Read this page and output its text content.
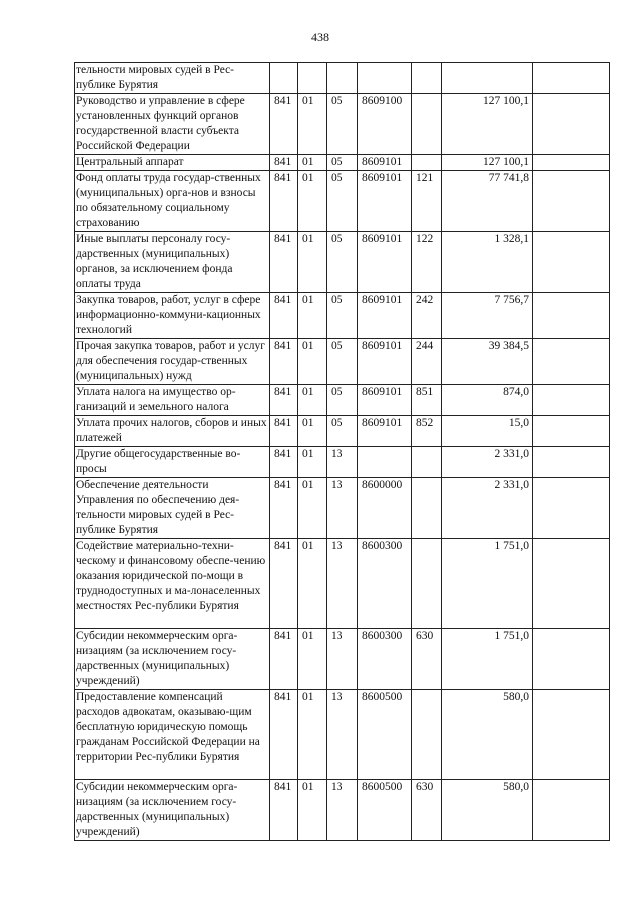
438
тельности мировых судей в Рес-публике Бурятия							
Руководство и управление в сфере установленных функций органов государственной власти субъекта Российской Федерации	841	01	05	8609100		127 100,1	
Центральный аппарат	841	01	05	8609101		127 100,1	
Фонд оплаты труда государ-ственных (муниципальных) орга-нов и взносы по обязательному социальному страхованию	841	01	05	8609101	121	77 741,8	
Иные выплаты персоналу госу-дарственных (муниципальных) органов, за исключением фонда оплаты труда	841	01	05	8609101	122	1 328,1	
Закупка товаров, работ, услуг в сфере информационно-коммуни-кационных технологий	841	01	05	8609101	242	7 756,7	
Прочая закупка товаров, работ и услуг для обеспечения государ-ственных (муниципальных) нужд	841	01	05	8609101	244	39 384,5	
Уплата налога на имущество ор-ганизаций и земельного налога	841	01	05	8609101	851	874,0	
Уплата прочих налогов, сборов и иных платежей	841	01	05	8609101	852	15,0	
Другие общегосударственные во-просы	841	01	13			2 331,0	
Обеспечение деятельности Управления по обеспечению дея-тельности мировых судей в Рес-публике Бурятия	841	01	13	8600000		2 331,0	
Содействие материально-техни-ческому и финансовому обеспе-чению оказания юридической по-мощи в труднодоступных и ма-лонаселенных местностях Рес-публики Бурятия	841	01	13	8600300		1 751,0	
Субсидии некоммерческим орга-низациям (за исключением госу-дарственных (муниципальных) учреждений)	841	01	13	8600300	630	1 751,0	
Предоставление компенсаций расходов адвокатам, оказываю-щим бесплатную юридическую помощь гражданам Российской Федерации на территории Рес-публики Бурятия	841	01	13	8600500		580,0	
Субсидии некоммерческим орга-низациям (за исключением госу-дарственных (муниципальных) учреждений)	841	01	13	8600500	630	580,0	
